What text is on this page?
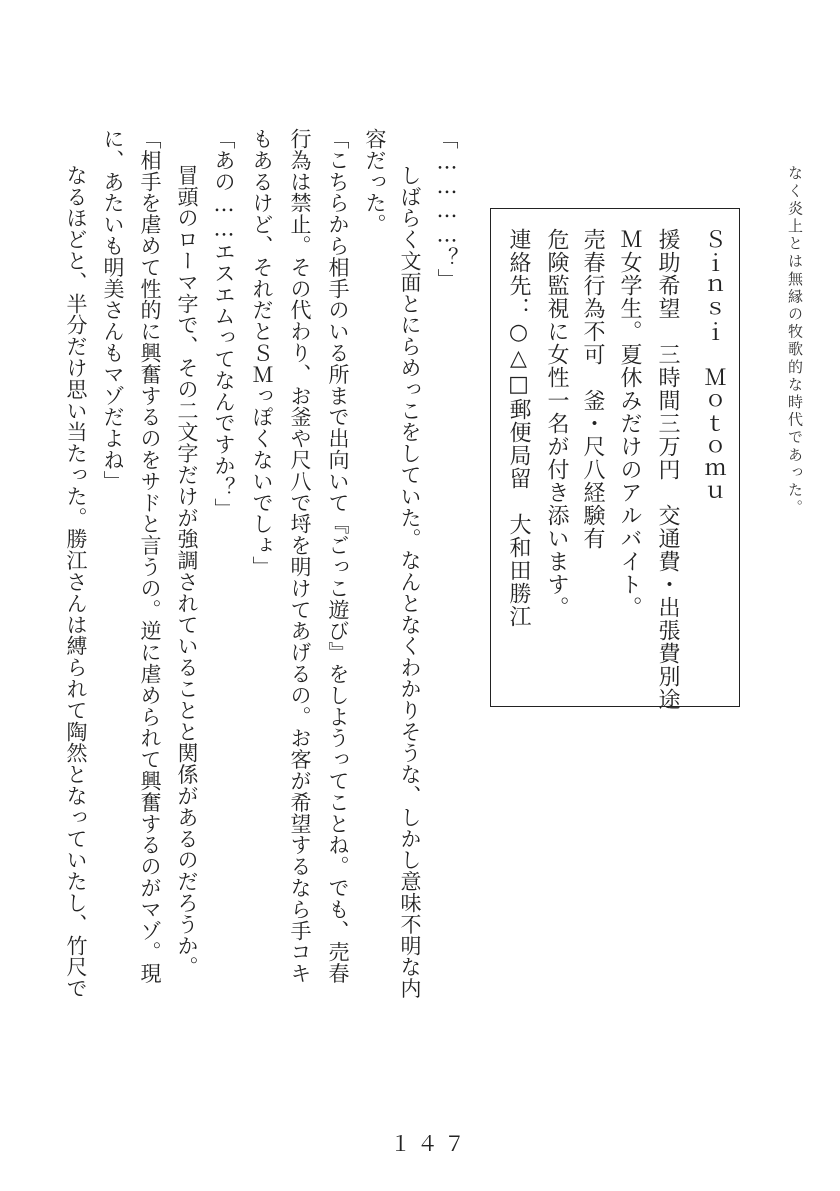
なく炎上とは無縁の牧歌的な時代であった。
Ｓｉｎｓｉ　Ｍｏｔｏｍｕ
援助希望　三時間三万円　交通費・出張費別途
Ｍ女学生。夏休みだけのアルバイト。
売春行為不可　釜・尺八経験有
危険監視に女性一名が付き添います。
連絡先：○△□郵便局留　大和田勝江
「…………？」
　しばらく文面とにらめっこをしていた。なんとなくわかりそうな、しかし意味不明な内
容だった。
「こちらから相手のいる所まで出向いて『ごっこ遊び』をしようってことね。でも、売春
行為は禁止。その代わり、お釜や尺八で埒を明けてあげるの。お客が希望するなら手コキ
もあるけど、それだとＳＭっぽくないでしょ」
「あの……エスエムってなんですか？」
　冒頭のローマ字で、その二文字だけが強調されていることと関係があるのだろうか。
「相手を虐めて性的に興奮するのをサドと言うの。逆に虐められて興奮するのがマゾ。現
に、あたいも明美さんもマゾだよね」
　なるほどと、半分だけ思い当たった。勝江さんは縛られて陶然となっていたし、竹尺で
１４７
